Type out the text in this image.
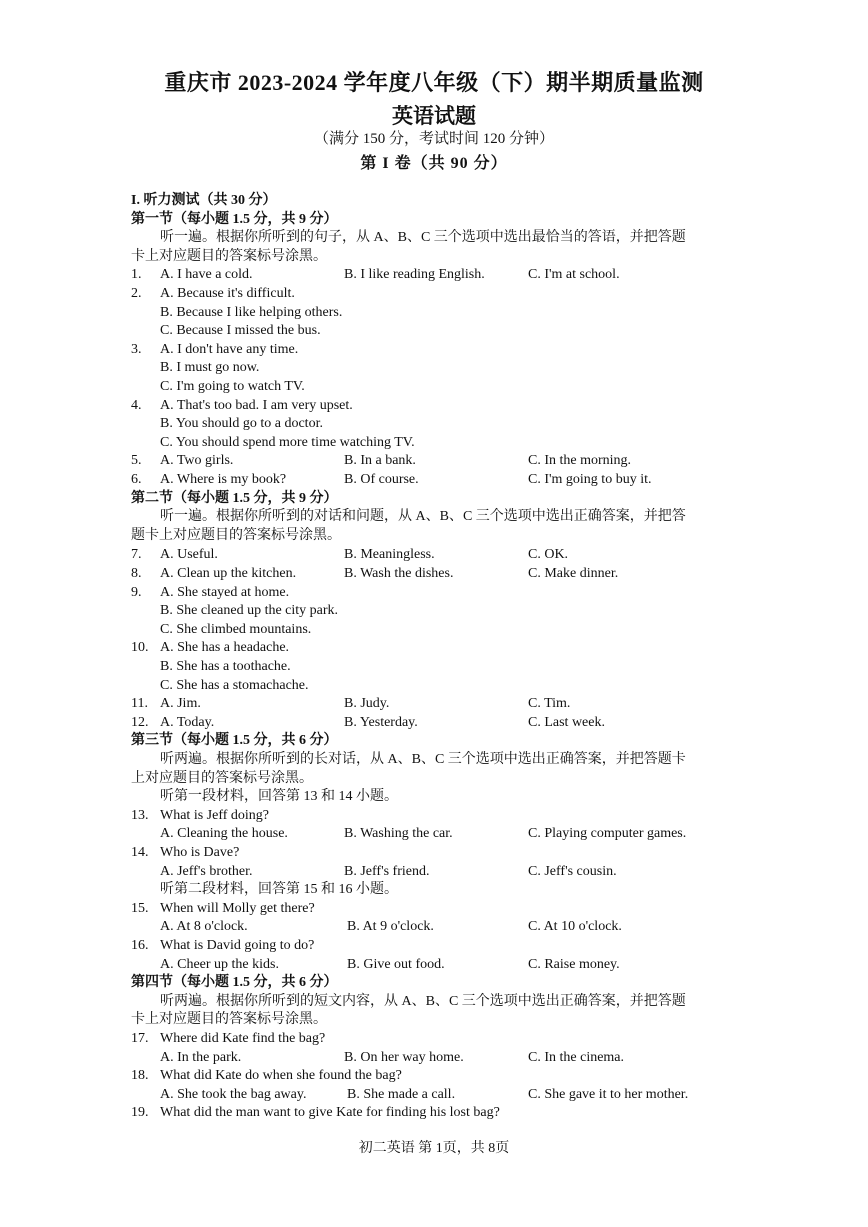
重庆市 2023-2024 学年度八年级（下）期半期质量监测
英语试题
（满分 150 分，考试时间 120 分钟）
第 I 卷（共 90 分）
I. 听力测试（共 30 分）
第一节（每小题 1.5 分，共 9 分）
听一遍。根据你所听到的句子，从 A、B、C 三个选项中选出最恰当的答语，并把答题
卡上对应题目的答案标号涂黑。
1. A. I have a cold.	B. I like reading English.	C. I'm at school.
2. A. Because it's difficult.
B. Because I like helping others.
C. Because I missed the bus.
3. A. I don't have any time.
B. I must go now.
C. I'm going to watch TV.
4. A. That's too bad. I am very upset.
B. You should go to a doctor.
C. You should spend more time watching TV.
5. A. Two girls.	B. In a bank.	C. In the morning.
6. A. Where is my book?	B. Of course.	C. I'm going to buy it.
第二节（每小题 1.5 分，共 9 分）
听一遍。根据你所听到的对话和问题，从 A、B、C 三个选项中选出正确答案，并把答
题卡上对应题目的答案标号涂黑。
7. A. Useful.	B. Meaningless.	C. OK.
8. A. Clean up the kitchen.	B. Wash the dishes.	C. Make dinner.
9. A. She stayed at home.
B. She cleaned up the city park.
C. She climbed mountains.
10. A. She has a headache.
B. She has a toothache.
C. She has a stomachache.
11. A. Jim.	B. Judy.	C. Tim.
12. A. Today.	B. Yesterday.	C. Last week.
第三节（每小题 1.5 分，共 6 分）
听两遍。根据你所听到的长对话，从 A、B、C 三个选项中选出正确答案，并把答题卡
上对应题目的答案标号涂黑。
听第一段材料，回答第 13 和 14 小题。
13. What is Jeff doing?
A. Cleaning the house.	B. Washing the car.	C. Playing computer games.
14. Who is Dave?
A. Jeff's brother.	B. Jeff's friend.	C. Jeff's cousin.
听第二段材料，回答第 15 和 16 小题。
15. When will Molly get there?
A. At 8 o'clock.	B. At 9 o'clock.	C. At 10 o'clock.
16. What is David going to do?
A. Cheer up the kids.	B. Give out food.	C. Raise money.
第四节（每小题 1.5 分，共 6 分）
听两遍。根据你所听到的短文内容，从 A、B、C 三个选项中选出正确答案，并把答题
卡上对应题目的答案标号涂黑。
17. Where did Kate find the bag?
A. In the park.	B. On her way home.	C. In the cinema.
18. What did Kate do when she found the bag?
A. She took the bag away.	B. She made a call.	C. She gave it to her mother.
19. What did the man want to give Kate for finding his lost bag?
初二英语 第 1页，共 8页
